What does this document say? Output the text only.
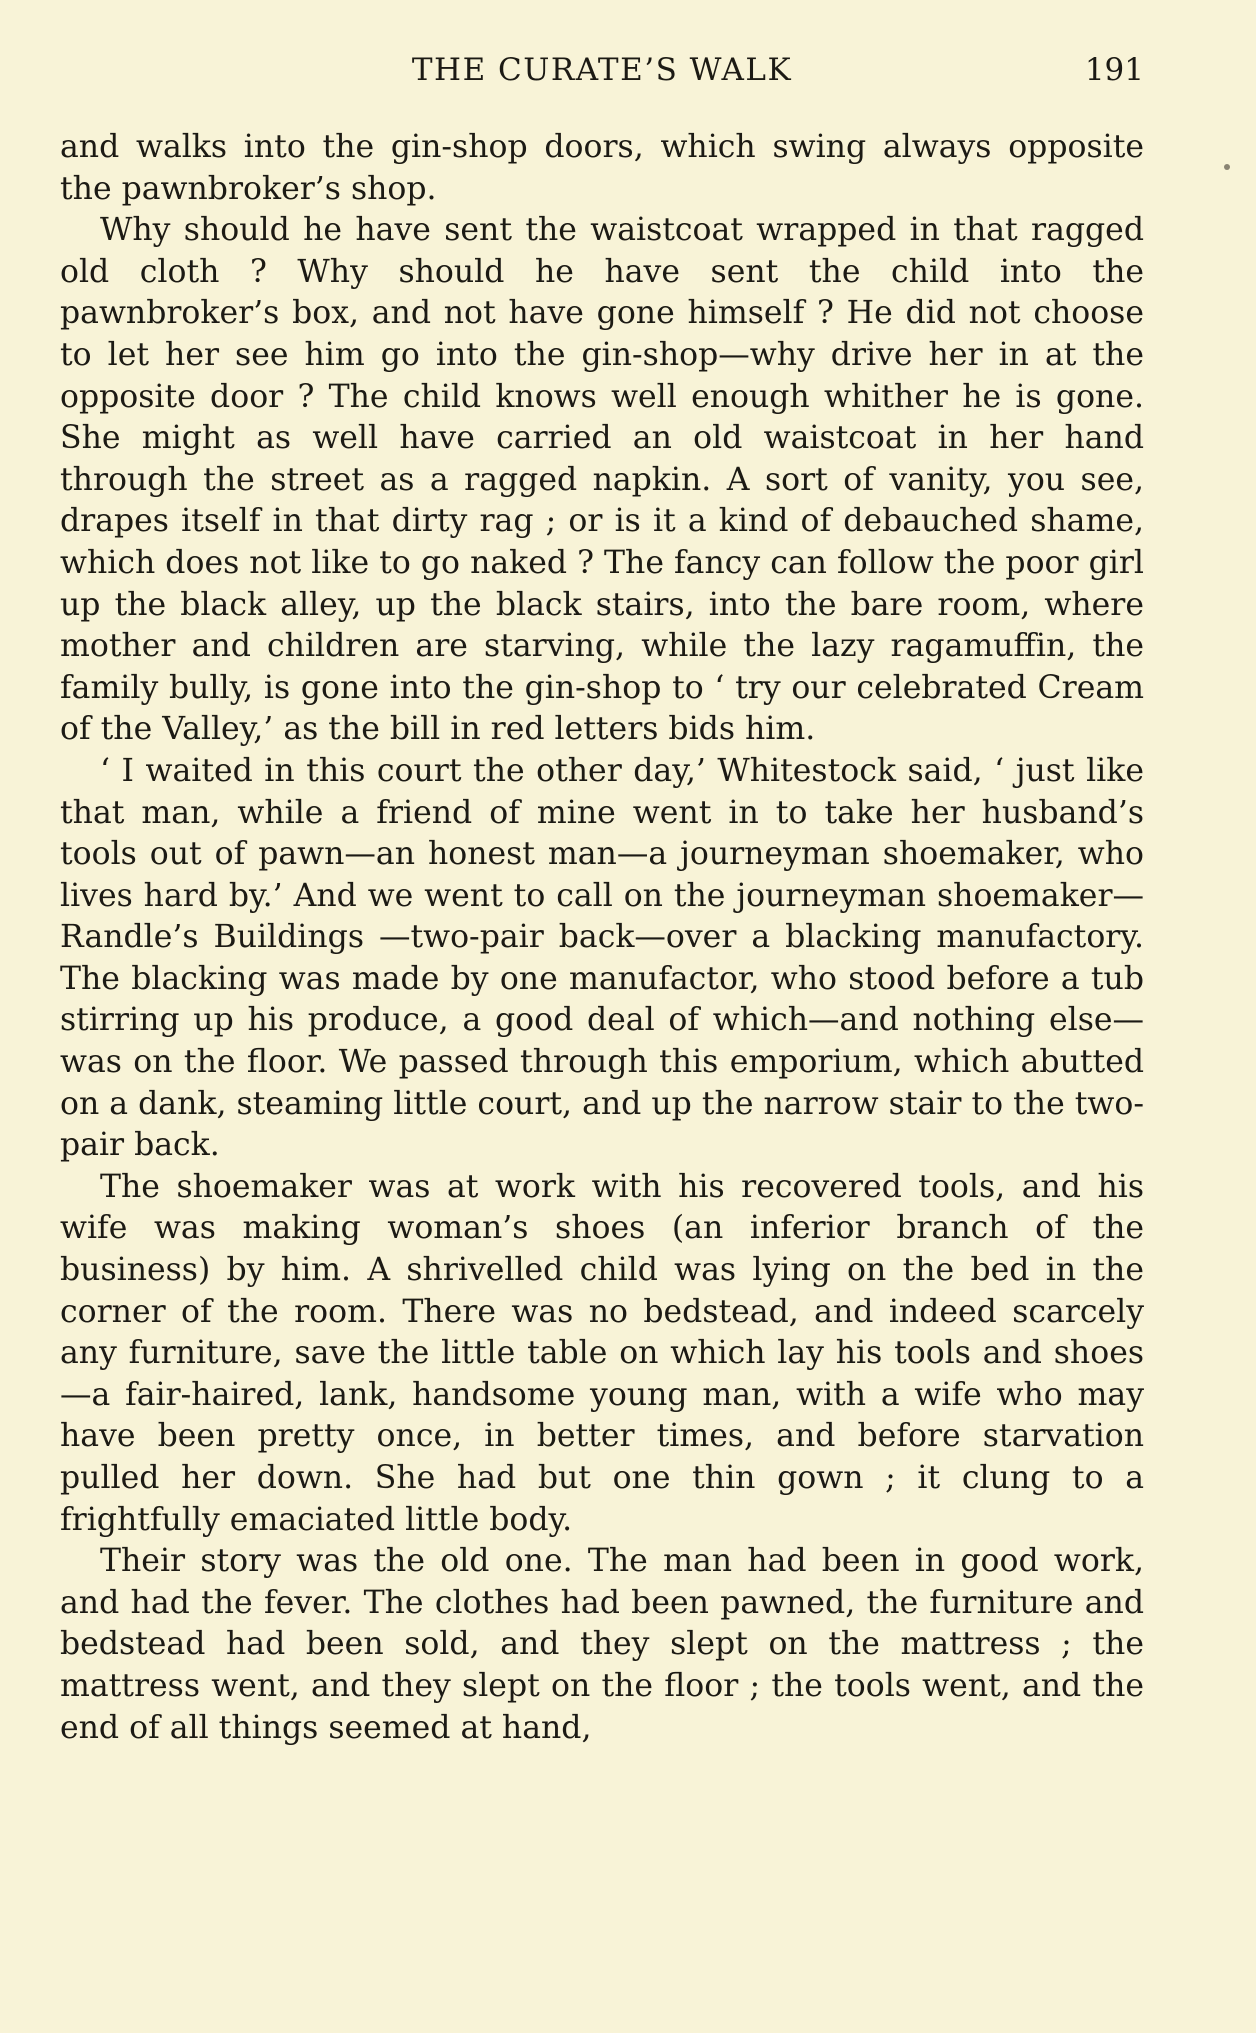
THE CURATE’S WALK	191

and walks into the gin-shop doors, which swing always opposite the pawnbroker’s shop.

Why should he have sent the waistcoat wrapped in that ragged old cloth ? Why should he have sent the child into the pawnbroker’s box, and not have gone himself ? He did not choose to let her see him go into the gin-shop—why drive her in at the opposite door ? The child knows well enough whither he is gone. She might as well have carried an old waistcoat in her hand through the street as a ragged napkin. A sort of vanity, you see, drapes itself in that dirty rag ; or is it a kind of debauched shame, which does not like to go naked ? The fancy can follow the poor girl up the black alley, up the black stairs, into the bare room, where mother and children are starving, while the lazy ragamuffin, the family bully, is gone into the gin-shop to ‘ try our celebrated Cream of the Valley,’ as the bill in red letters bids him.

‘ I waited in this court the other day,’ Whitestock said, ‘ just like that man, while a friend of mine went in to take her husband’s tools out of pawn—an honest man—a journeyman shoemaker, who lives hard by.’ And we went to call on the journeyman shoemaker—Randle’s Buildings —two-pair back—over a blacking manufactory. The blacking was made by one manufactor, who stood before a tub stirring up his produce, a good deal of which—and nothing else—was on the floor. We passed through this emporium, which abutted on a dank, steaming little court, and up the narrow stair to the two-pair back.

The shoemaker was at work with his recovered tools, and his wife was making woman’s shoes (an inferior branch of the business) by him. A shrivelled child was lying on the bed in the corner of the room. There was no bedstead, and indeed scarcely any furniture, save the little table on which lay his tools and shoes—a fair-haired, lank, handsome young man, with a wife who may have been pretty once, in better times, and before starvation pulled her down. She had but one thin gown ; it clung to a frightfully emaciated little body.

Their story was the old one. The man had been in good work, and had the fever. The clothes had been pawned, the furniture and bedstead had been sold, and they slept on the mattress ; the mattress went, and they slept on the floor ; the tools went, and the end of all things seemed at hand,
